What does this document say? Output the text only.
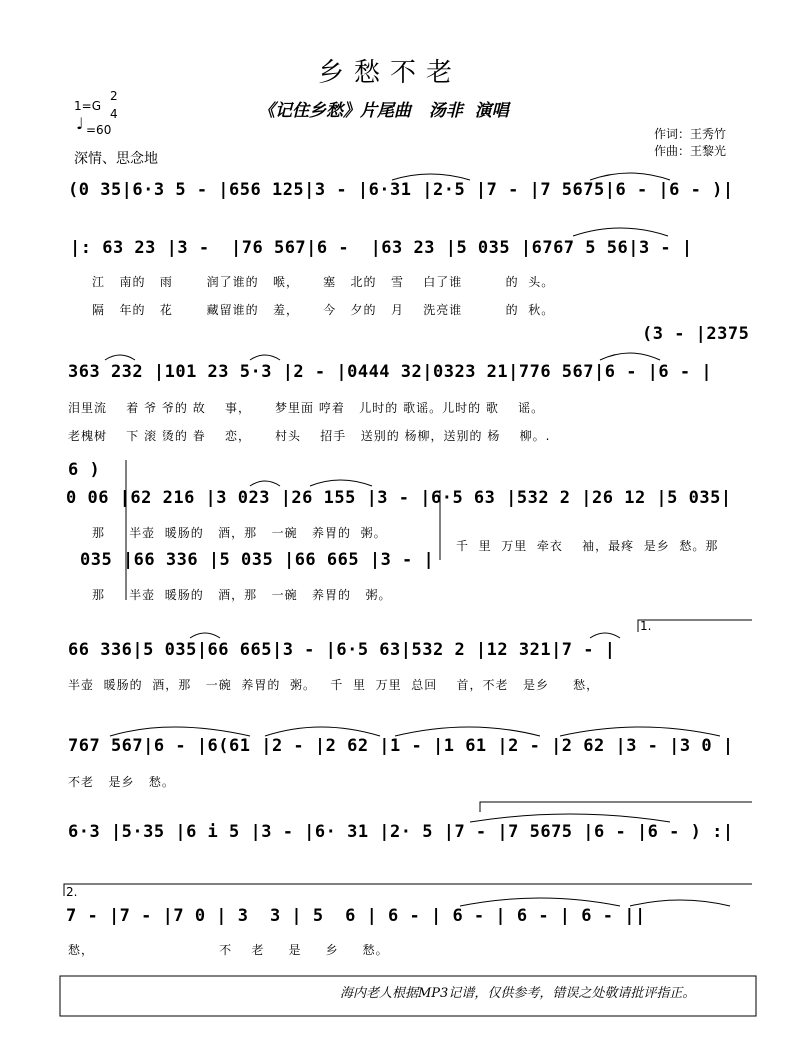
乡愁不老
《记住乡愁》片尾曲   汤非  演唱
1=G
2
4
♩ =60
深情、思念地
作词：王秀竹
作曲：王黎光
(0 35|6·3 5 - |656 125|3 - |6·31 |2·5 |7 - |7 5675|6 - |6 - )|
|: 63 23 |3 -  |76 567|6 -  |63 23 |5 035 |6767 5 56|3 - |
江   南的   雨       润了谁的   喉，     塞   北的   雪    白了谁         的  头。
隔   年的   花       藏留谁的   羞，     今   夕的   月    洗亮谁         的  秋。
(3 - |2375
363 232 |101 23 5·3 |2 - |0444 32|0323 21|776 567|6 - |6 - |
泪里流    着 爷 爷的 故    事，     梦里面 哼着   儿时的 歌谣。儿时的 歌    谣。
老槐树    下 滚 烫的 眷    恋，     村头    招手   送别的 杨柳，送别的 杨    柳。.
6 )
0 06 |62 216 |3 023 |26 155 |3 - |6·5 63 |532 2 |26 12 |5 035|
那     半壶  暖肠的   酒，那   一碗   养胃的  粥。
千  里  万里  牵衣    袖，最疼  是乡  愁。那
035 |66 336 |5 035 |66 665 |3 - |
那     半壶  暖肠的   酒，那   一碗   养胃的   粥。
1.
66 336|5 035|66 665|3 - |6·5 63|532 2 |12 321|7 - |
半壶  暖肠的  酒，那   一碗  养胃的  粥。   千  里  万里  总回    首，不老   是乡     愁，
767 567|6 - |6(61 |2 - |2 62 |1 - |1 61 |2 - |2 62 |3 - |3 0 |
不老   是乡   愁。
6·3 |5·35 |6 i 5 |3 - |6· 31 |2· 5 |7 - |7 5675 |6 - |6 - ) :|
2.
7 - |7 - |7 0 | 3  3 | 5  6 | 6 - | 6 - | 6 - | 6 - ||
愁，                          不    老     是     乡     愁。
海内老人根据MP3记谱，仅供参考，错误之处敬请批评指正。
